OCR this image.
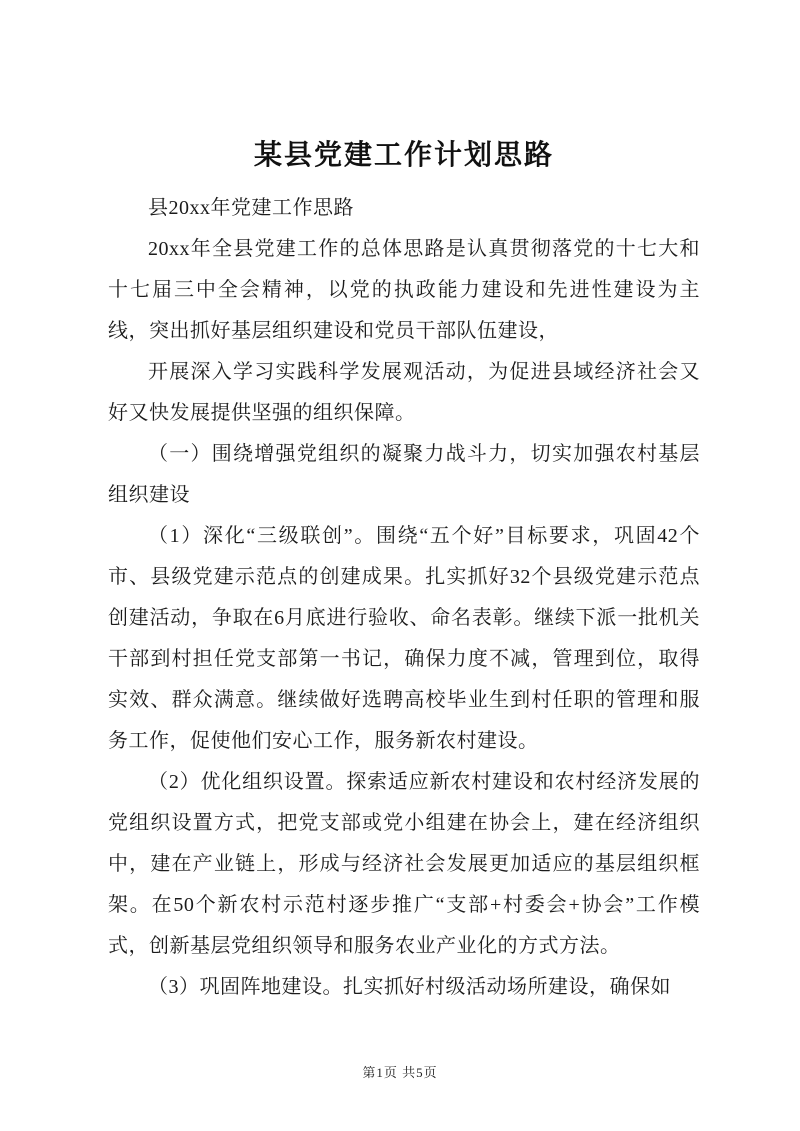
某县党建工作计划思路

县20xx年党建工作思路

20xx年全县党建工作的总体思路是认真贯彻落党的十七大和十七届三中全会精神，以党的执政能力建设和先进性建设为主线，突出抓好基层组织建设和党员干部队伍建设，

开展深入学习实践科学发展观活动，为促进县域经济社会又好又快发展提供坚强的组织保障。

（一）围绕增强党组织的凝聚力战斗力，切实加强农村基层组织建设

（1）深化“三级联创”。围绕“五个好”目标要求，巩固42个市、县级党建示范点的创建成果。扎实抓好32个县级党建示范点创建活动，争取在6月底进行验收、命名表彰。继续下派一批机关干部到村担任党支部第一书记，确保力度不减，管理到位，取得实效、群众满意。继续做好选聘高校毕业生到村任职的管理和服务工作，促使他们安心工作，服务新农村建设。

（2）优化组织设置。探索适应新农村建设和农村经济发展的党组织设置方式，把党支部或党小组建在协会上，建在经济组织中，建在产业链上，形成与经济社会发展更加适应的基层组织框架。在50个新农村示范村逐步推广“支部+村委会+协会”工作模式，创新基层党组织领导和服务农业产业化的方式方法。

（3）巩固阵地建设。扎实抓好村级活动场所建设，确保如

第1页 共5页
